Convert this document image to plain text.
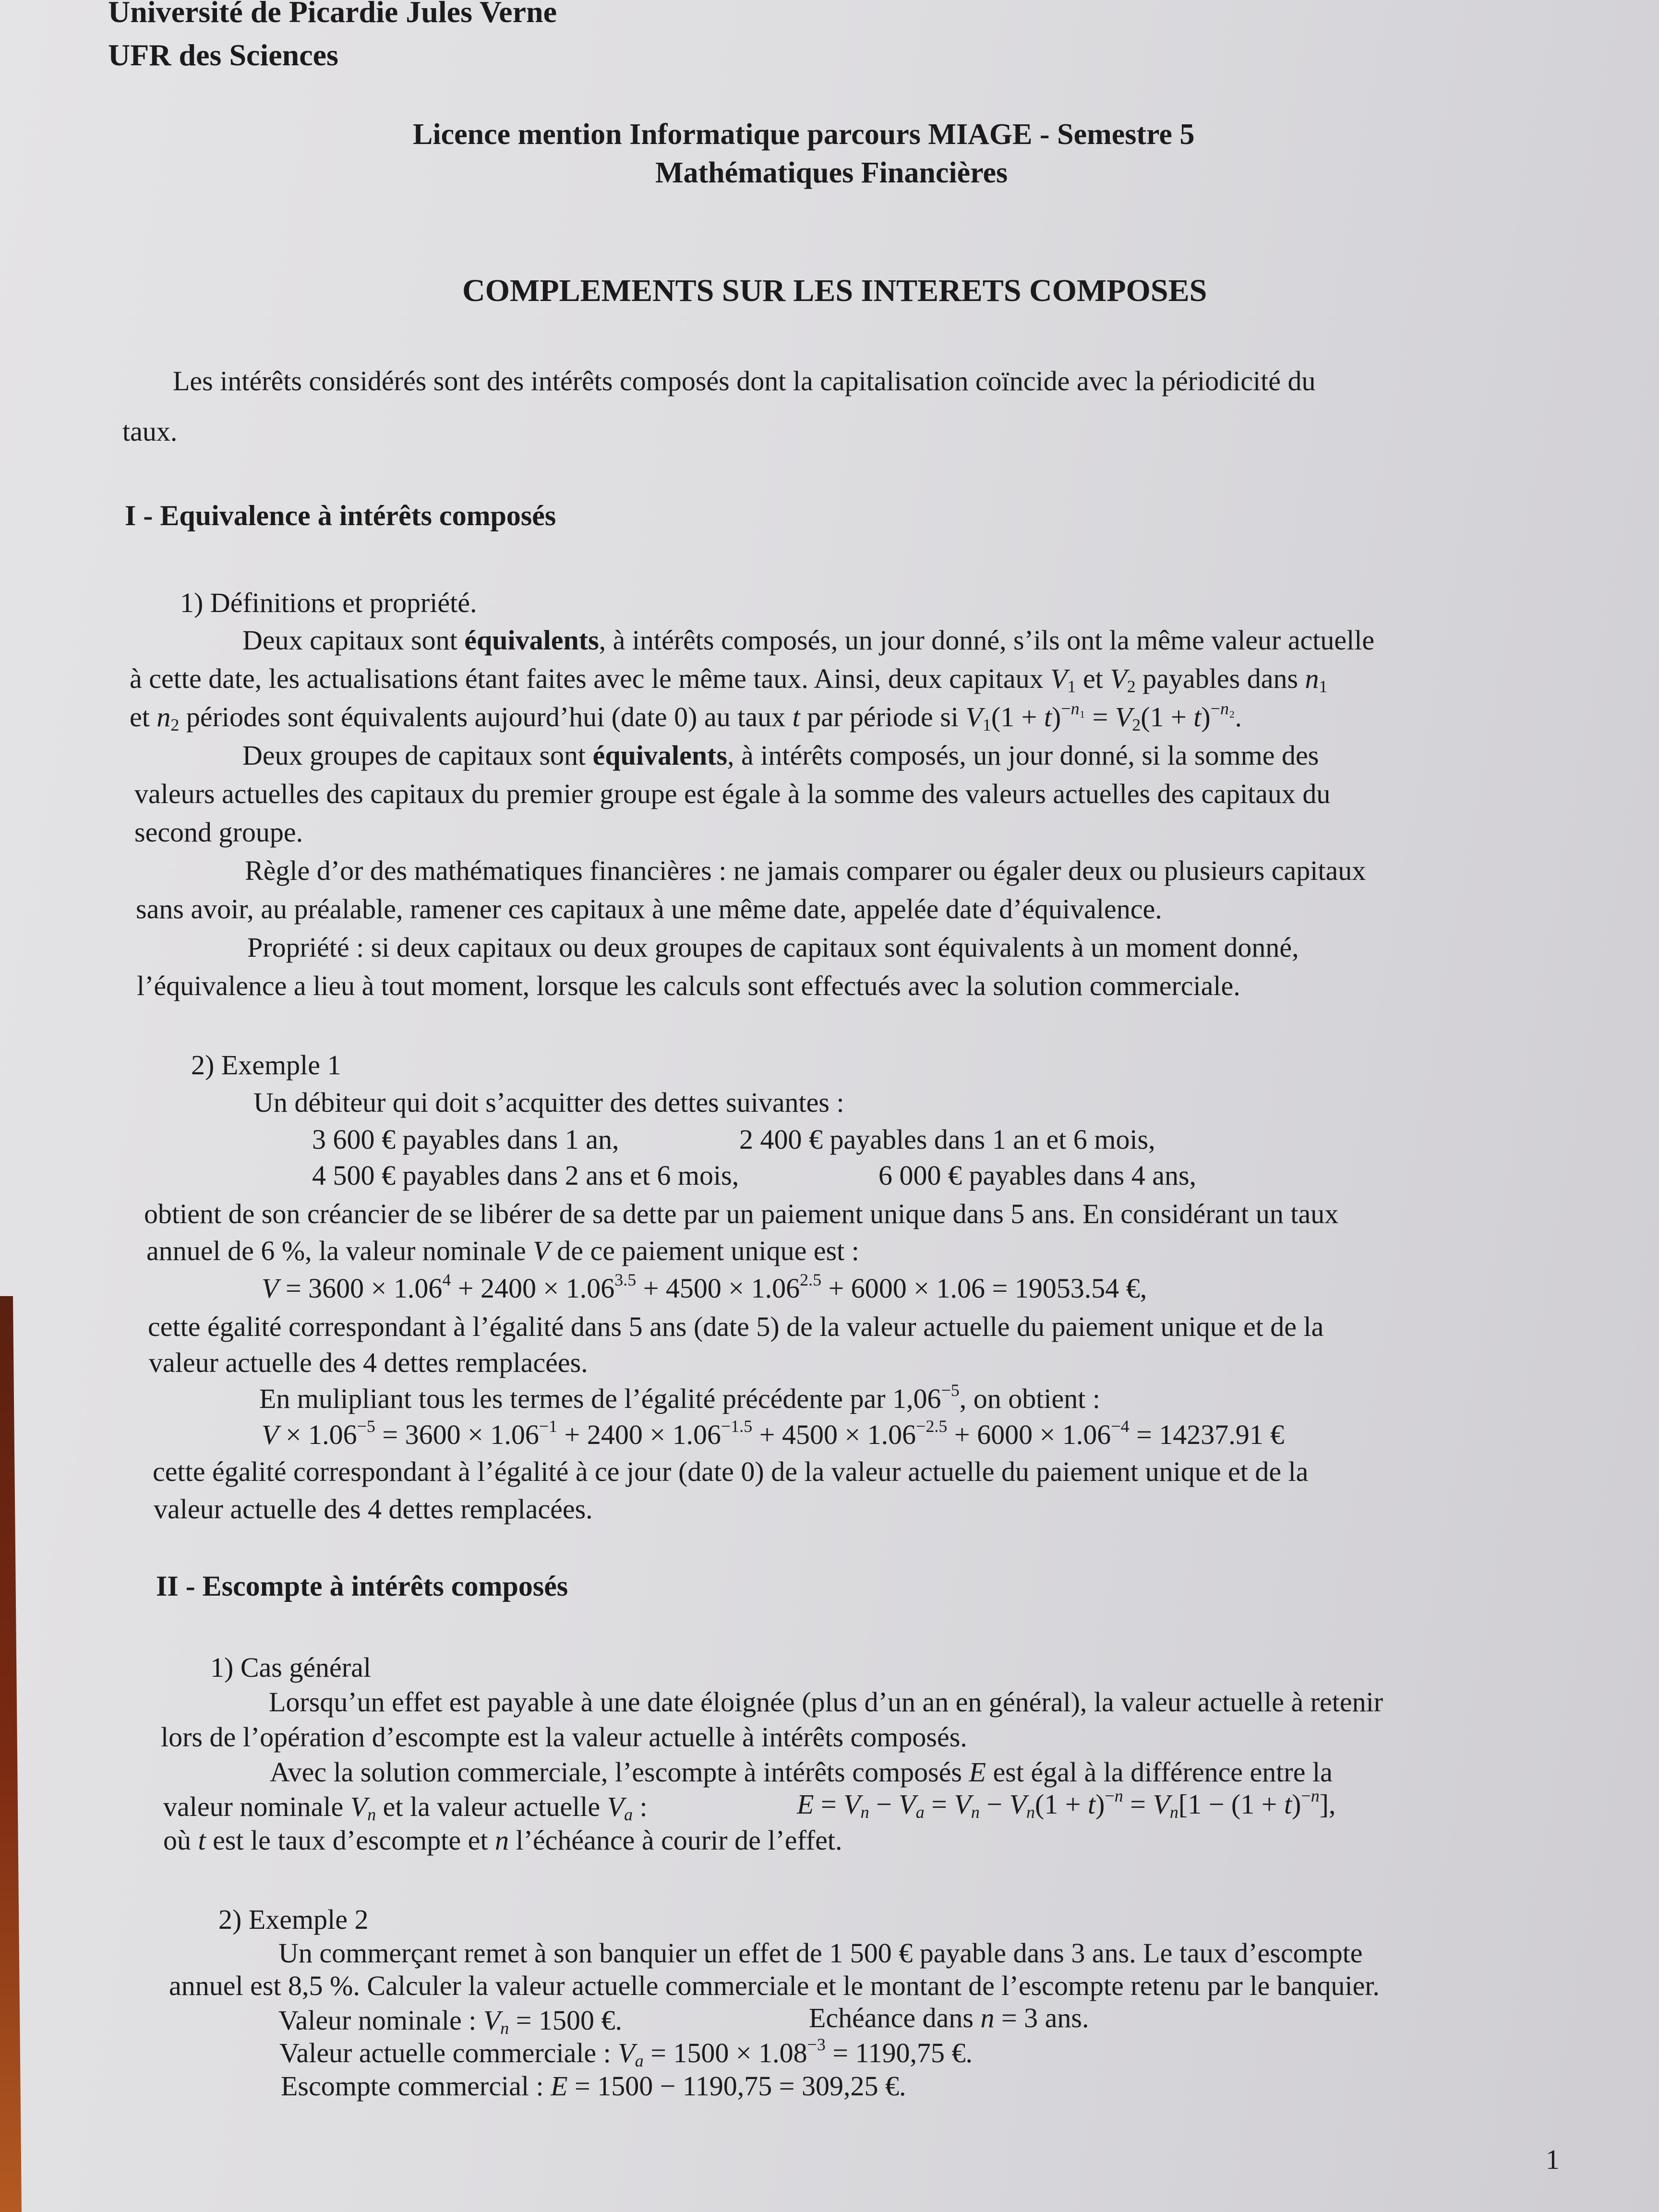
Université de Picardie Jules Verne
UFR des Sciences
Licence mention Informatique parcours MIAGE - Semestre 5
Mathématiques Financières
COMPLEMENTS SUR LES INTERETS COMPOSES
Les intérêts considérés sont des intérêts composés dont la capitalisation coïncide avec la périodicité du
taux.
I - Equivalence à intérêts composés
1) Définitions et propriété.
Deux capitaux sont équivalents, à intérêts composés, un jour donné, s’ils ont la même valeur actuelle
à cette date, les actualisations étant faites avec le même taux. Ainsi, deux capitaux $V_1$ et $V_2$ payables dans $n_1$
et $n_2$ périodes sont équivalents aujourd’hui (date 0) au taux t par période si $V_1(1 + t)^{-n_1} = V_2(1 + t)^{-n_2}$.
Deux groupes de capitaux sont équivalents, à intérêts composés, un jour donné, si la somme des
valeurs actuelles des capitaux du premier groupe est égale à la somme des valeurs actuelles des capitaux du
second groupe.
Règle d’or des mathématiques financières : ne jamais comparer ou égaler deux ou plusieurs capitaux
sans avoir, au préalable, ramener ces capitaux à une même date, appelée date d’équivalence.
Propriété : si deux capitaux ou deux groupes de capitaux sont équivalents à un moment donné,
l’équivalence a lieu à tout moment, lorsque les calculs sont effectués avec la solution commerciale.
2) Exemple 1
Un débiteur qui doit s’acquitter des dettes suivantes :
3 600 € payables dans 1 an,	2 400 € payables dans 1 an et 6 mois,
4 500 € payables dans 2 ans et 6 mois,	6 000 € payables dans 4 ans,
obtient de son créancier de se libérer de sa dette par un paiement unique dans 5 ans. En considérant un taux
annuel de 6 %, la valeur nominale V de ce paiement unique est :
$V = 3600 \times 1.06^4 + 2400 \times 1.06^{3.5} + 4500 \times 1.06^{2.5} + 6000 \times 1.06 = 19053.54$ €,
cette égalité correspondant à l’égalité dans 5 ans (date 5) de la valeur actuelle du paiement unique et de la
valeur actuelle des 4 dettes remplacées.
En mulipliant tous les termes de l’égalité précédente par $1,06^{-5}$, on obtient :
$V \times 1.06^{-5} = 3600 \times 1.06^{-1} + 2400 \times 1.06^{-1.5} + 4500 \times 1.06^{-2.5} + 6000 \times 1.06^{-4} = 14237.91$ €
cette égalité correspondant à l’égalité à ce jour (date 0) de la valeur actuelle du paiement unique et de la
valeur actuelle des 4 dettes remplacées.
II - Escompte à intérêts composés
1) Cas général
Lorsqu’un effet est payable à une date éloignée (plus d’un an en général), la valeur actuelle à retenir
lors de l’opération d’escompte est la valeur actuelle à intérêts composés.
Avec la solution commerciale, l’escompte à intérêts composés E est égal à la différence entre la
valeur nominale $V_n$ et la valeur actuelle $V_a$ :	$E = V_n - V_a = V_n - V_n(1 + t)^{-n} = V_n[1 - (1 + t)^{-n}]$,
où t est le taux d’escompte et n l’échéance à courir de l’effet.
2) Exemple 2
Un commerçant remet à son banquier un effet de 1 500 € payable dans 3 ans. Le taux d’escompte
annuel est 8,5 %. Calculer la valeur actuelle commerciale et le montant de l’escompte retenu par le banquier.
Valeur nominale : $V_n = 1500$ €.	Echéance dans n = 3 ans.
Valeur actuelle commerciale : $V_a = 1500 \times 1.08^{-3} = 1190,75$ €.
Escompte commercial : E = 1500 − 1190,75 = 309,25 €.
1
